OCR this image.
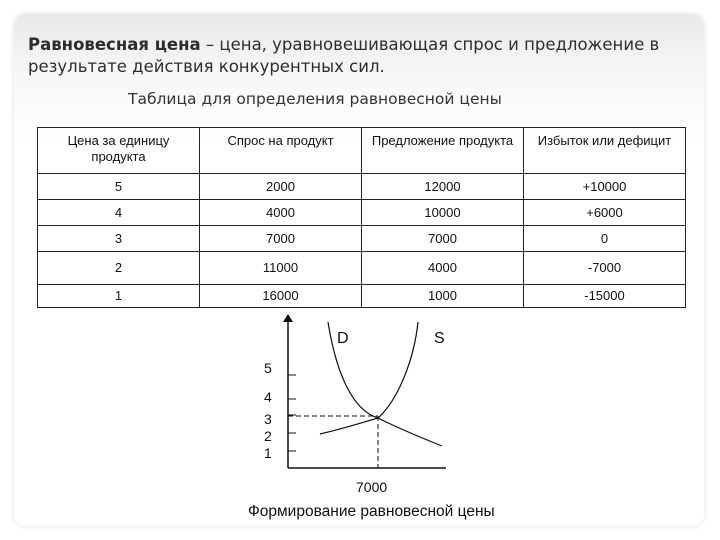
Равновесная цена – цена, уравновешивающая спрос и предложение в результате действия конкурентных сил.
Таблица для определения равновесной цены
Цена за единицу продукта	Спрос на продукт	Предложение продукта	Избыток или дефицит
5	2000	12000	+10000
4	4000	10000	+6000
3	7000	7000	0
2	11000	4000	-7000
1	16000	1000	-15000
5
4
3
2
1
D	S
7000
Формирование равновесной цены
